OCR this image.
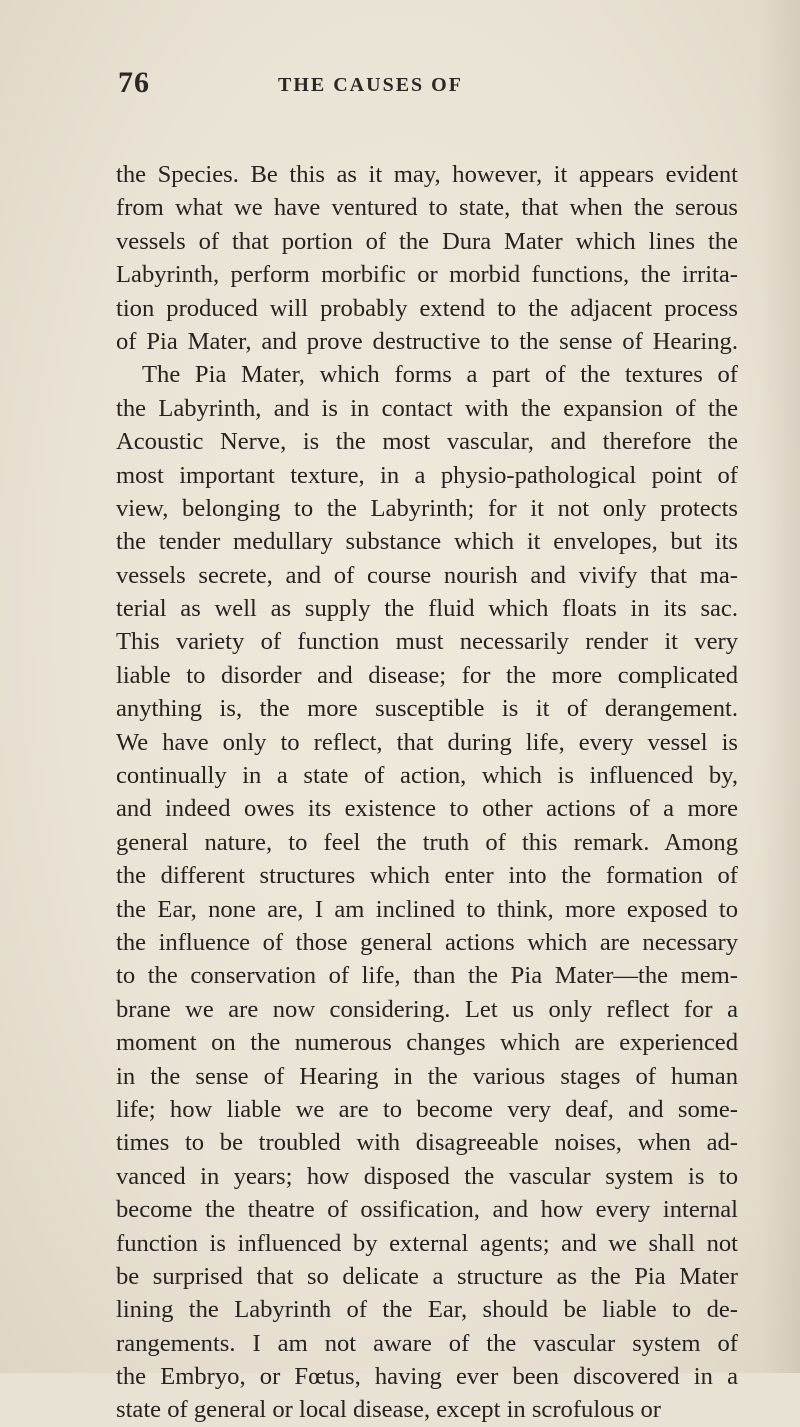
76	THE CAUSES OF
the Species. Be this as it may, however, it appears evident
from what we have ventured to state, that when the serous
vessels of that portion of the Dura Mater which lines the
Labyrinth, perform morbific or morbid functions, the irrita-
tion produced will probably extend to the adjacent process
of Pia Mater, and prove destructive to the sense of Hearing.
The Pia Mater, which forms a part of the textures of
the Labyrinth, and is in contact with the expansion of the
Acoustic Nerve, is the most vascular, and therefore the
most important texture, in a physio-pathological point of
view, belonging to the Labyrinth; for it not only protects
the tender medullary substance which it envelopes, but its
vessels secrete, and of course nourish and vivify that ma-
terial as well as supply the fluid which floats in its sac.
This variety of function must necessarily render it very
liable to disorder and disease; for the more complicated
anything is, the more susceptible is it of derangement.
We have only to reflect, that during life, every vessel is
continually in a state of action, which is influenced by,
and indeed owes its existence to other actions of a more
general nature, to feel the truth of this remark. Among
the different structures which enter into the formation of
the Ear, none are, I am inclined to think, more exposed to
the influence of those general actions which are necessary
to the conservation of life, than the Pia Mater—the mem-
brane we are now considering. Let us only reflect for a
moment on the numerous changes which are experienced
in the sense of Hearing in the various stages of human
life; how liable we are to become very deaf, and some-
times to be troubled with disagreeable noises, when ad-
vanced in years; how disposed the vascular system is to
become the theatre of ossification, and how every internal
function is influenced by external agents; and we shall not
be surprised that so delicate a structure as the Pia Mater
lining the Labyrinth of the Ear, should be liable to de-
rangements. I am not aware of the vascular system of
the Embryo, or Fœtus, having ever been discovered in a
state of general or local disease, except in scrofulous or
